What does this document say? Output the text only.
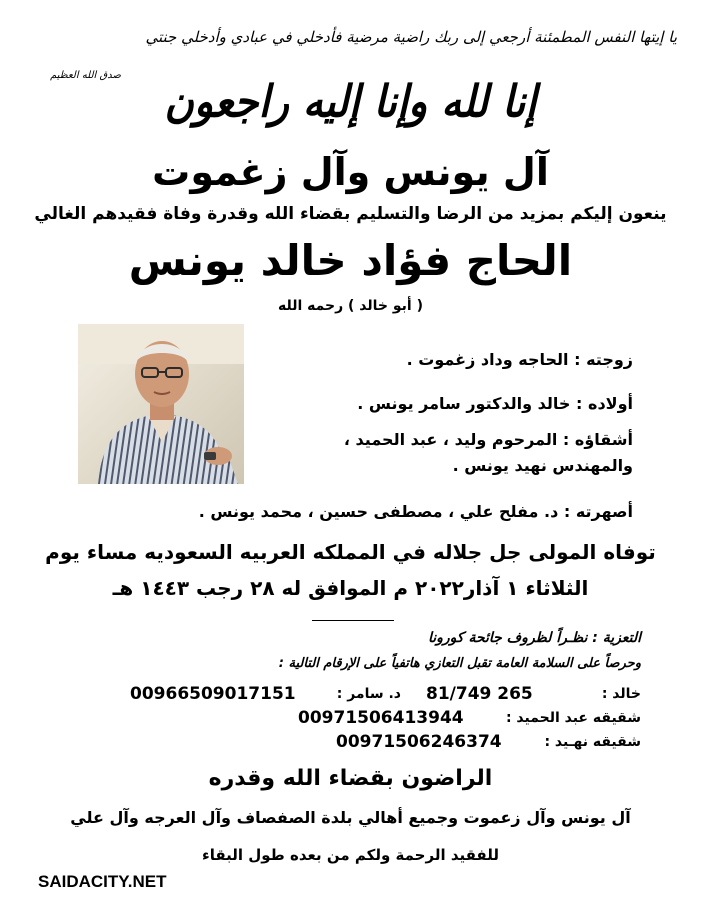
يا إيتها النفس المطمئنة أرجعي إلى ربك راضية مرضية فأدخلي في عبادي وأدخلي جنتي
صدق الله العظيم
إنا لله وإنا إليه راجعون
آل يونس وآل زغموت
ينعون إليكم بمزيد من الرضا والتسليم بقضاء الله وقدرة وفاة فقيدهم الغالي
الحاج فؤاد خالد يونس
( أبو خالد ) رحمه الله
زوجته : الحاجه وداد زغموت .
أولاده : خالد والدكتور سامر يونس .
أشقاؤه : المرحوم وليد ، عبد الحميد ،
والمهندس نهيد يونس .
أصهرته : د. مفلح علي ، مصطفى حسين ، محمد يونس .
توفاه المولى جل جلاله في المملكه العربيه السعوديه مساء يوم
الثلاثاء ١ آذار٢٠٢٢ م الموافق له ٢٨ رجب ١٤٤٣ هـ
التعزية : نظـراً لظروف جائحة كورونا
وحرصاً على السلامة العامة تقبل التعازي هاتفياً على الإرقام التالية :
خالد :
81/749 265
د. سامر :
00966509017151
شقيقه عبد الحميد :
00971506413944
شقيقه نهـيد :
00971506246374
الراضون بقضاء الله وقدره
آل يونس وآل زعموت وجميع أهالي بلدة الصفصاف وآل العرجه وآل علي
للفقيد الرحمة ولكم من بعده طول البقاء
SAIDACITY.NET
